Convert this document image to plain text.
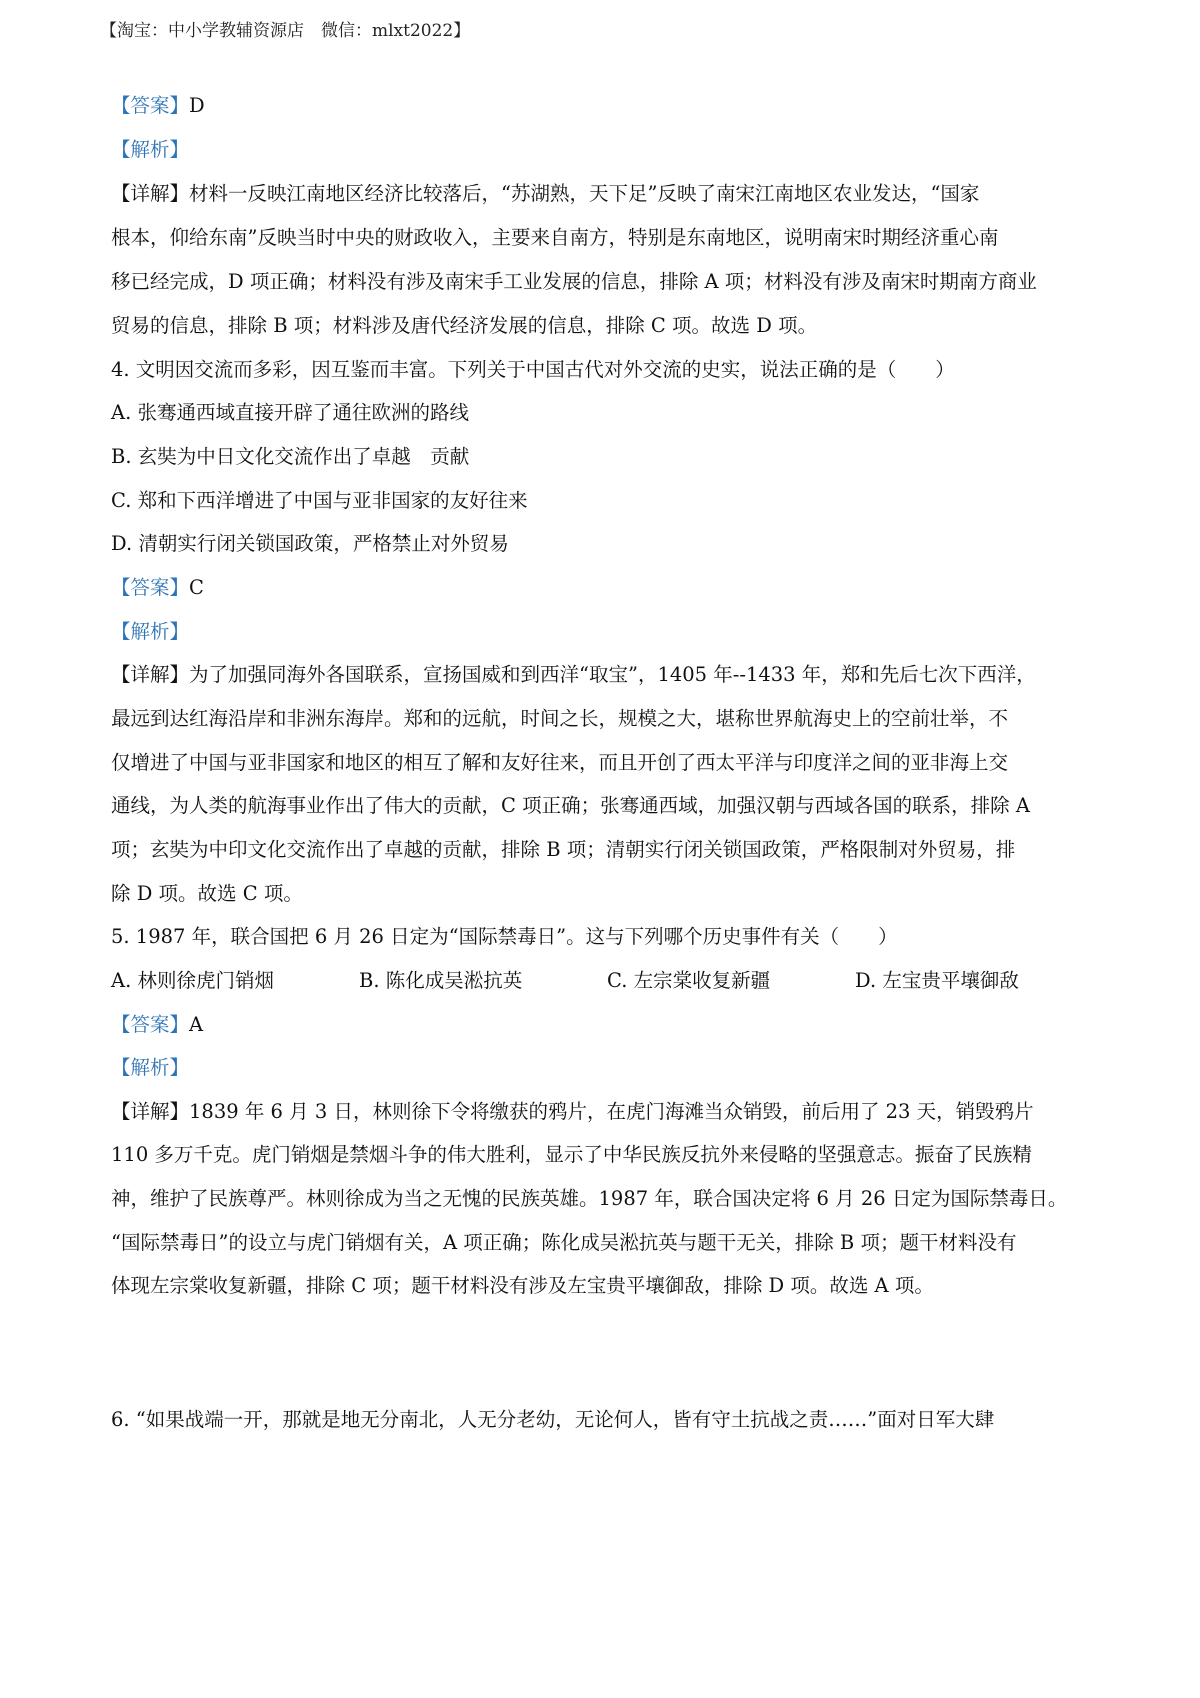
【淘宝：中小学教辅资源店　微信：mlxt2022】
【答案】D
【解析】
【详解】材料一反映江南地区经济比较落后，“苏湖熟，天下足”反映了南宋江南地区农业发达，“国家
根本，仰给东南”反映当时中央的财政收入，主要来自南方，特别是东南地区，说明南宋时期经济重心南
移已经完成，D 项正确；材料没有涉及南宋手工业发展的信息，排除 A 项；材料没有涉及南宋时期南方商业
贸易的信息，排除 B 项；材料涉及唐代经济发展的信息，排除 C 项。故选 D 项。
4. 文明因交流而多彩，因互鉴而丰富。下列关于中国古代对外交流的史实，说法正确的是（　　）
A. 张骞通西域直接开辟了通往欧洲的路线
B. 玄奘为中日文化交流作出了卓越　贡献
C. 郑和下西洋增进了中国与亚非国家的友好往来
D. 清朝实行闭关锁国政策，严格禁止对外贸易
【答案】C
【解析】
【详解】为了加强同海外各国联系，宣扬国威和到西洋“取宝”，1405 年--1433 年，郑和先后七次下西洋，
最远到达红海沿岸和非洲东海岸。郑和的远航，时间之长，规模之大，堪称世界航海史上的空前壮举，不
仅增进了中国与亚非国家和地区的相互了解和友好往来，而且开创了西太平洋与印度洋之间的亚非海上交
通线，为人类的航海事业作出了伟大的贡献，C 项正确；张骞通西域，加强汉朝与西域各国的联系，排除 A
项；玄奘为中印文化交流作出了卓越的贡献，排除 B 项；清朝实行闭关锁国政策，严格限制对外贸易，排
除 D 项。故选 C 项。
5. 1987 年，联合国把 6 月 26 日定为“国际禁毒日”。这与下列哪个历史事件有关（　　）
A. 林则徐虎门销烟	B. 陈化成吴淞抗英	C. 左宗棠收复新疆	D. 左宝贵平壤御敌
【答案】A
【解析】
【详解】1839 年 6 月 3 日，林则徐下令将缴获的鸦片，在虎门海滩当众销毁，前后用了 23 天，销毁鸦片
110 多万千克。虎门销烟是禁烟斗争的伟大胜利，显示了中华民族反抗外来侵略的坚强意志。振奋了民族精
神，维护了民族尊严。林则徐成为当之无愧的民族英雄。1987 年，联合国决定将 6 月 26 日定为国际禁毒日。
“国际禁毒日”的设立与虎门销烟有关，A 项正确；陈化成吴淞抗英与题干无关，排除 B 项；题干材料没有
体现左宗棠收复新疆，排除 C 项；题干材料没有涉及左宝贵平壤御敌，排除 D 项。故选 A 项。
6. “如果战端一开，那就是地无分南北，人无分老幼，无论何人，皆有守土抗战之责……”面对日军大肆
